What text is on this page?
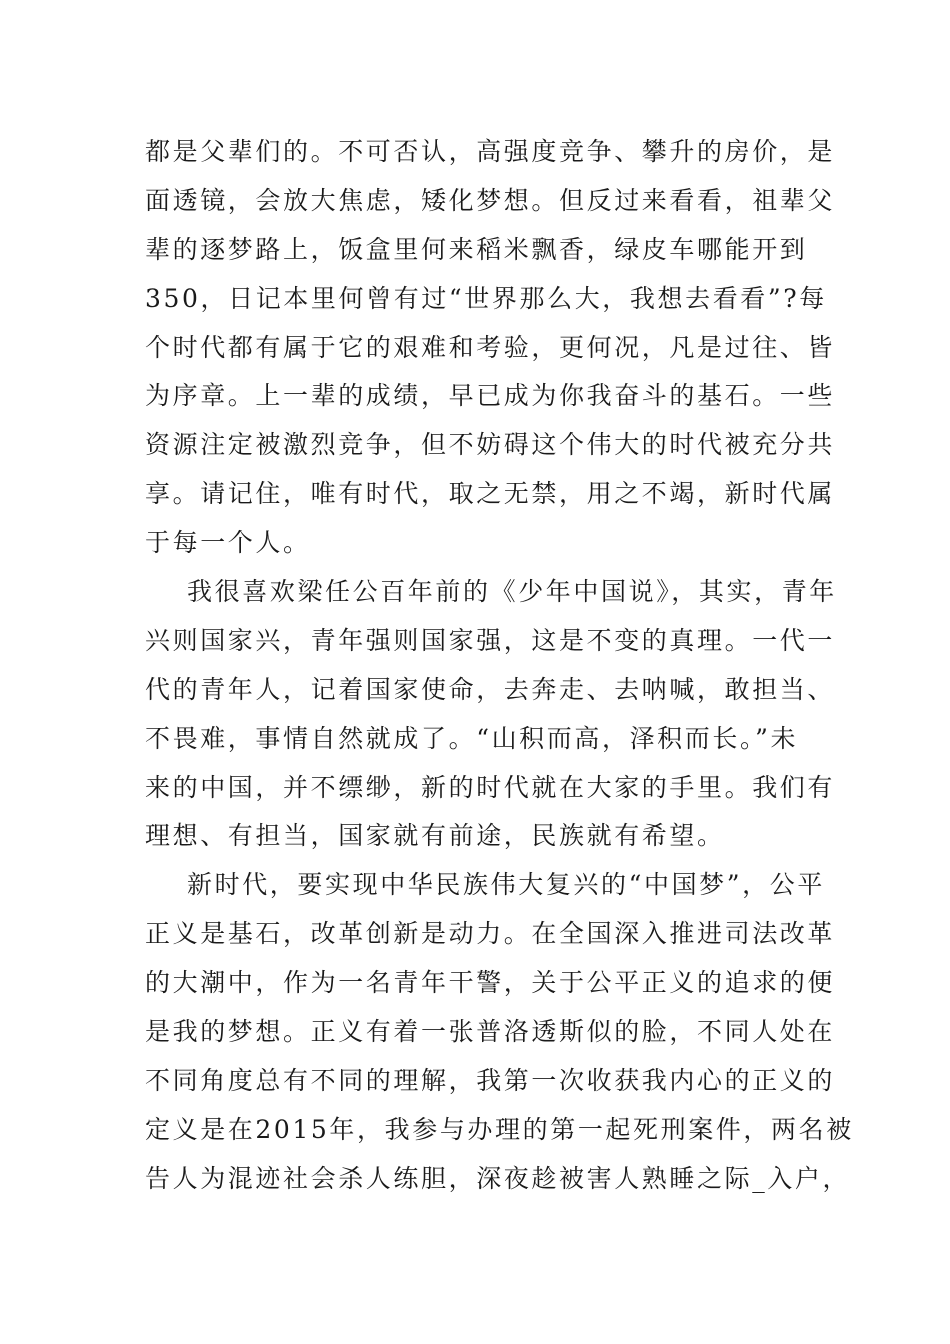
都是父辈们的。不可否认，高强度竞争、攀升的房价，是
面透镜，会放大焦虑，矮化梦想。但反过来看看，祖辈父
辈的逐梦路上，饭盒里何来稻米飘香，绿皮车哪能开到
350，日记本里何曾有过“世界那么大，我想去看看”?每
个时代都有属于它的艰难和考验，更何况，凡是过往、皆
为序章。上一辈的成绩，早已成为你我奋斗的基石。一些
资源注定被激烈竞争，但不妨碍这个伟大的时代被充分共
享。请记住，唯有时代，取之无禁，用之不竭，新时代属
于每一个人。
我很喜欢梁任公百年前的《少年中国说》，其实，青年
兴则国家兴，青年强则国家强，这是不变的真理。一代一
代的青年人，记着国家使命，去奔走、去呐喊，敢担当、
不畏难，事情自然就成了。“山积而高，泽积而长。”未
来的中国，并不缥缈，新的时代就在大家的手里。我们有
理想、有担当，国家就有前途，民族就有希望。
新时代，要实现中华民族伟大复兴的“中国梦”，公平
正义是基石，改革创新是动力。在全国深入推进司法改革
的大潮中，作为一名青年干警，关于公平正义的追求的便
是我的梦想。正义有着一张普洛透斯似的脸，不同人处在
不同角度总有不同的理解，我第一次收获我内心的正义的
定义是在2015年，我参与办理的第一起死刑案件，两名被
告人为混迹社会杀人练胆，深夜趁被害人熟睡之际_入户，
